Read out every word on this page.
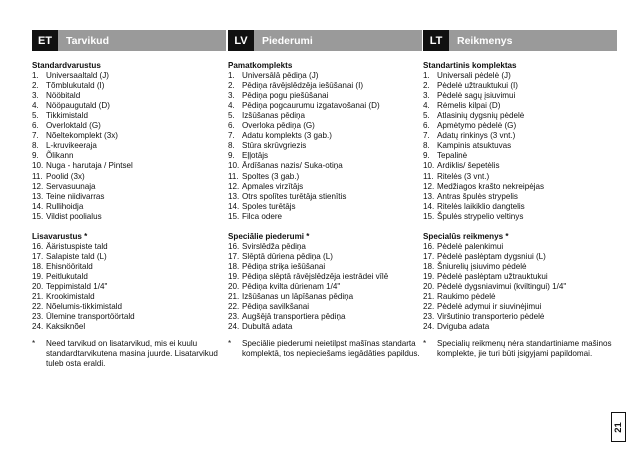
ET	Tarvikud
Standardvarustus
1. Universaaltald (J)
2. Tõmblukutald (I)
3. Nööbitald
4. Nööpaugutald (D)
5. Tikkimistald
6. Overloktald (G)
7. Nõeltekomplekt (3x)
8. L-kruvikeeraja
9. Õlikann
10. Nuga - harutaja / Pintsel
11. Poolid (3x)
12. Servasuunaja
13. Teine niidivarras
14. Rullihoidja
15. Vildist poolialus
Lisavarustus *
16. Ääristuspiste tald
17. Salapiste tald (L)
18. Ehisnööritald
19. Peitlukutald
20. Teppimistald 1/4"
21. Krookimistald
22. Nõelumis-tikkimistald
23. Ülemine transportöörtald
24. Kaksiknõel
*	Need tarvikud on lisatarvikud, mis ei kuulu standardtarvikutena masina juurde. Lisatarvikud tuleb osta eraldi.
LV	Piederumi
Pamatkomplekts
1. Universālā pēdiņa (J)
2. Pēdiņa rāvējslēdzēja iešūšanai (I)
3. Pēdiņa pogu piešūšanai
4. Pēdiņa pogcaurumu izgatavošanai (D)
5. Izšūšanas pēdiņa
6. Overloka pēdiņa (G)
7. Adatu komplekts (3 gab.)
8. Stūra skrūvgriezis
9. Eļļotājs
10. Ārdīšanas nazis/ Suka-otiņa
11. Spoltes (3 gab.)
12. Apmales virzītājs
13. Otrs spolītes turētāja stienītis
14. Spoles turētājs
15. Filca odere
Speciālie piederumi *
16. Svirslēdža pēdiņa
17. Slēptā dūriena pēdiņa (L)
18. Pēdiņa striķa iešūšanai
19. Pēdiņa slēptā rāvējslēdzēja iestrādei vīlē
20. Pēdiņa kvilta dūrienam 1/4"
21. Izšūšanas un lāpīšanas pēdiņa
22. Pēdiņa savilkšanai
23. Augšējā transportiera pēdiņa
24. Dubultā adata
*	Speciālie piederumi neietilpst mašīnas standarta komplektā, tos nepieciešams iegādāties papildus.
LT	Reikmenys
Standartinis komplektas
1. Universali pėdelė (J)
2. Pėdelė užtrauktukui (I)
3. Pėdelė sagų įsiuvimui
4. Rėmelis kilpai (D)
5. Atlasinių dygsnių pėdelė
6. Apmėtymo pėdelė (G)
7. Adatų rinkinys (3 vnt.)
8. Kampinis atsuktuvas
9. Tepalinė
10. Ardiklis/ šepetėlis
11. Ritelės (3 vnt.)
12. Medžiagos krašto nekreipėjas
13. Antras špulės strypelis
14. Ritelės laikiklio dangtelis
15. Špulės strypelio veltinys
Specialūs reikmenys *
16. Pėdelė palenkimui
17. Pėdelė paslėptam dygsniui (L)
18. Šniurelių įsiuvimo pėdelė
19. Pėdelė paslėptam užtrauktukui
20. Pėdelė dygsniavimui (kviltingui) 1/4"
21. Raukimo pėdelė
22. Pėdelė adymui ir siuvinėjimui
23. Viršutinio transporterio pėdelė
24. Dviguba adata
*	Specialių reikmenų nėra standartiniame mašinos komplekte, jie turi būti įsigyjami papildomai.
21
